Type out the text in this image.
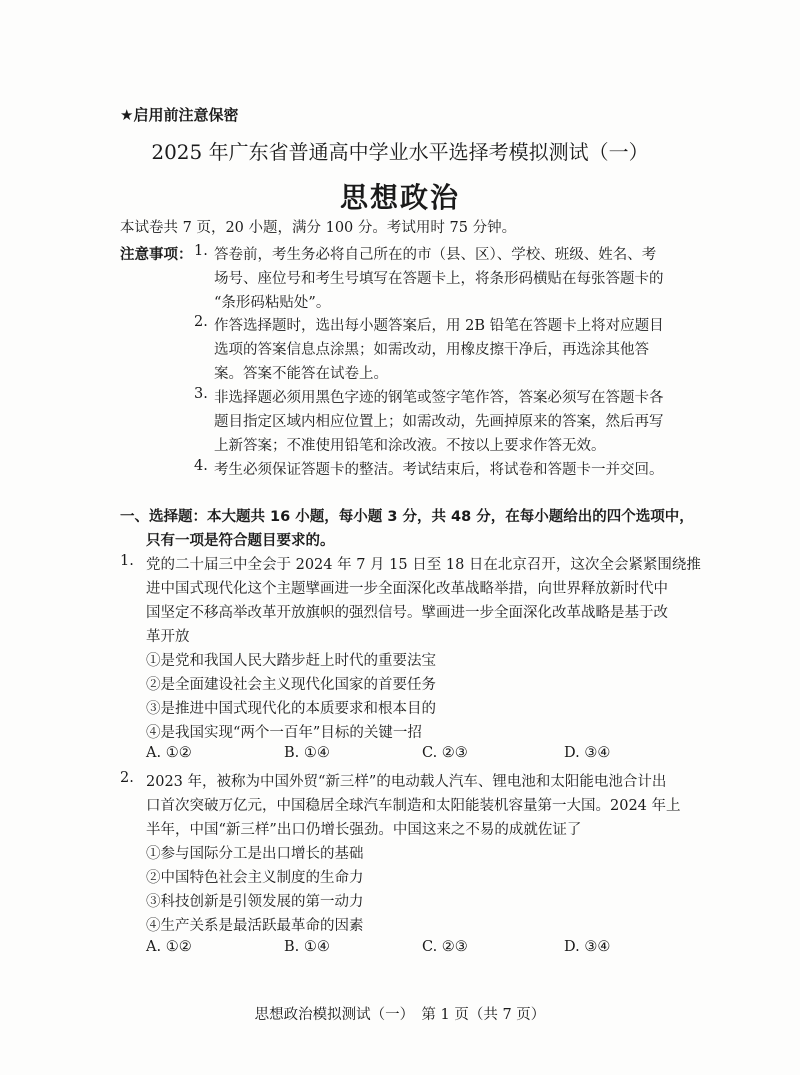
★启用前注意保密
2025 年广东省普通高中学业水平选择考模拟测试（一）
思想政治
本试卷共 7 页，20 小题，满分 100 分。考试用时 75 分钟。
注意事项： 1. 答卷前，考生务必将自己所在的市（县、区）、学校、班级、姓名、考
场号、座位号和考生号填写在答题卡上，将条形码横贴在每张答题卡的
“条形码粘贴处”。
2. 作答选择题时，选出每小题答案后，用 2B 铅笔在答题卡上将对应题目
选项的答案信息点涂黑；如需改动，用橡皮擦干净后，再选涂其他答
案。答案不能答在试卷上。
3. 非选择题必须用黑色字迹的钢笔或签字笔作答，答案必须写在答题卡各
题目指定区域内相应位置上；如需改动，先画掉原来的答案，然后再写
上新答案；不准使用铅笔和涂改液。不按以上要求作答无效。
4. 考生必须保证答题卡的整洁。考试结束后，将试卷和答题卡一并交回。
一、选择题：本大题共 16 小题，每小题 3 分，共 48 分，在每小题给出的四个选项中，
只有一项是符合题目要求的。
1. 党的二十届三中全会于 2024 年 7 月 15 日至 18 日在北京召开，这次全会紧紧围绕推
进中国式现代化这个主题擘画进一步全面深化改革战略举措，向世界释放新时代中
国坚定不移高举改革开放旗帜的强烈信号。擘画进一步全面深化改革战略是基于改
革开放
①是党和我国人民大踏步赶上时代的重要法宝
②是全面建设社会主义现代化国家的首要任务
③是推进中国式现代化的本质要求和根本目的
④是我国实现“两个一百年”目标的关键一招
A. ①②	B. ①④	C. ②③	D. ③④
2. 2023 年，被称为中国外贸“新三样”的电动载人汽车、锂电池和太阳能电池合计出
口首次突破万亿元，中国稳居全球汽车制造和太阳能装机容量第一大国。2024 年上
半年，中国“新三样”出口仍增长强劲。中国这来之不易的成就佐证了
①参与国际分工是出口增长的基础
②中国特色社会主义制度的生命力
③科技创新是引领发展的第一动力
④生产关系是最活跃最革命的因素
A. ①②	B. ①④	C. ②③	D. ③④
思想政治模拟测试（一）　第 1 页（共 7 页）
